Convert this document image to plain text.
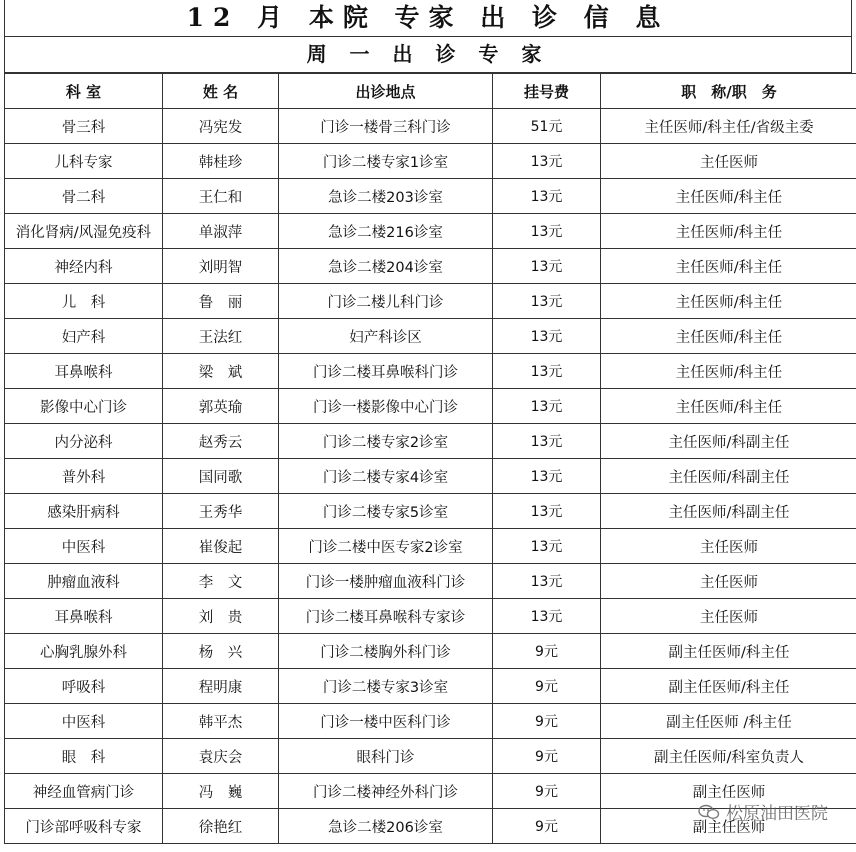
12 月 本院 专家 出 诊 信 息
周 一 出 诊 专 家
科 室	姓 名	出诊地点	挂号费	职　称/职　务
骨三科	冯宪发	门诊一楼骨三科门诊	51元	主任医师/科主任/省级主委
儿科专家	韩桂珍	门诊二楼专家1诊室	13元	主任医师
骨二科	王仁和	急诊二楼203诊室	13元	主任医师/科主任
消化肾病/风湿免疫科	单淑萍	急诊二楼216诊室	13元	主任医师/科主任
神经内科	刘明智	急诊二楼204诊室	13元	主任医师/科主任
儿　科	鲁　丽	门诊二楼儿科门诊	13元	主任医师/科主任
妇产科	王法红	妇产科诊区	13元	主任医师/科主任
耳鼻喉科	梁　斌	门诊二楼耳鼻喉科门诊	13元	主任医师/科主任
影像中心门诊	郭英瑜	门诊一楼影像中心门诊	13元	主任医师/科主任
内分泌科	赵秀云	门诊二楼专家2诊室	13元	主任医师/科副主任
普外科	国同歌	门诊二楼专家4诊室	13元	主任医师/科副主任
感染肝病科	王秀华	门诊二楼专家5诊室	13元	主任医师/科副主任
中医科	崔俊起	门诊二楼中医专家2诊室	13元	主任医师
肿瘤血液科	李　文	门诊一楼肿瘤血液科门诊	13元	主任医师
耳鼻喉科	刘　贵	门诊二楼耳鼻喉科专家诊	13元	主任医师
心胸乳腺外科	杨　兴	门诊二楼胸外科门诊	9元	副主任医师/科主任
呼吸科	程明康	门诊二楼专家3诊室	9元	副主任医师/科主任
中医科	韩平杰	门诊一楼中医科门诊	9元	副主任医师 /科主任
眼　科	袁庆会	眼科门诊	9元	副主任医师/科室负责人
神经血管病门诊	冯　巍	门诊二楼神经外科门诊	9元	副主任医师
门诊部呼吸科专家	徐艳红	急诊二楼206诊室	9元	副主任医师
松原油田医院
